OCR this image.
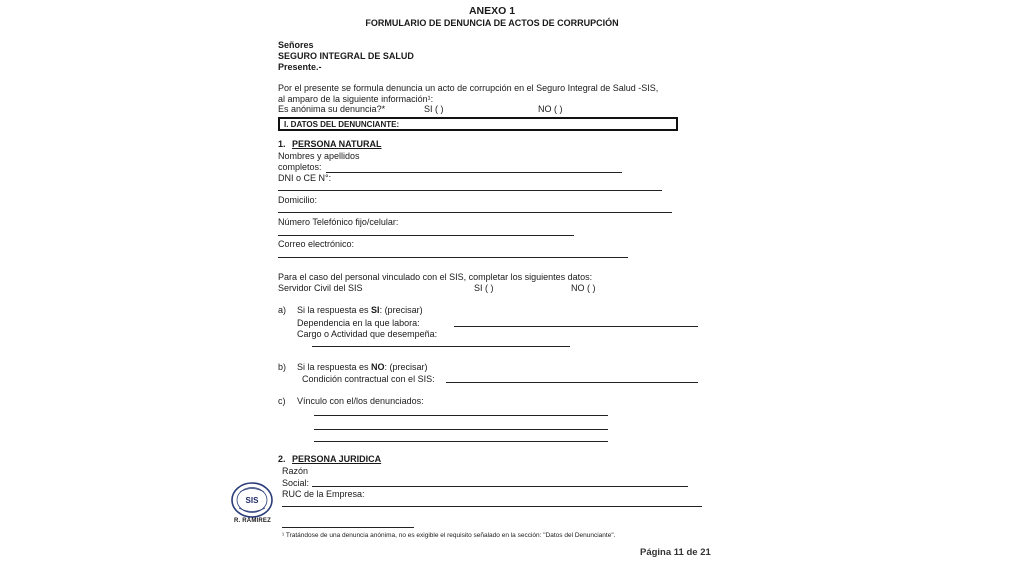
ANEXO 1
FORMULARIO DE DENUNCIA DE ACTOS DE CORRUPCIÓN
Señores
SEGURO INTEGRAL DE SALUD
Presente.-
Por el presente se formula denuncia un acto de corrupción en el Seguro Integral de Salud -SIS,
al amparo de la siguiente información¹:
Es anónima su denuncia?*	SI ( )	NO ( )
I. DATOS DEL DENUNCIANTE:
1. PERSONA NATURAL
Nombres y apellidos
completos:
DNI o CE N°:
Domicilio:
Número Telefónico fijo/celular:
Correo electrónico:
Para el caso del personal vinculado con el SIS, completar los siguientes datos:
Servidor Civil del SIS	SI ( )	NO ( )
a) Si la respuesta es SI: (precisar)
Dependencia en la que labora:
Cargo o Actividad que desempeña:
b) Si la respuesta es NO: (precisar)
Condición contractual con el SIS:
c) Vínculo con el/los denunciados:
2. PERSONA JURIDICA
Razón
Social:
RUC de la Empresa:
SIS
R. RAMIREZ
¹ Tratándose de una denuncia anónima, no es exigible el requisito señalado en la sección: "Datos del Denunciante".
Página 11 de 21
